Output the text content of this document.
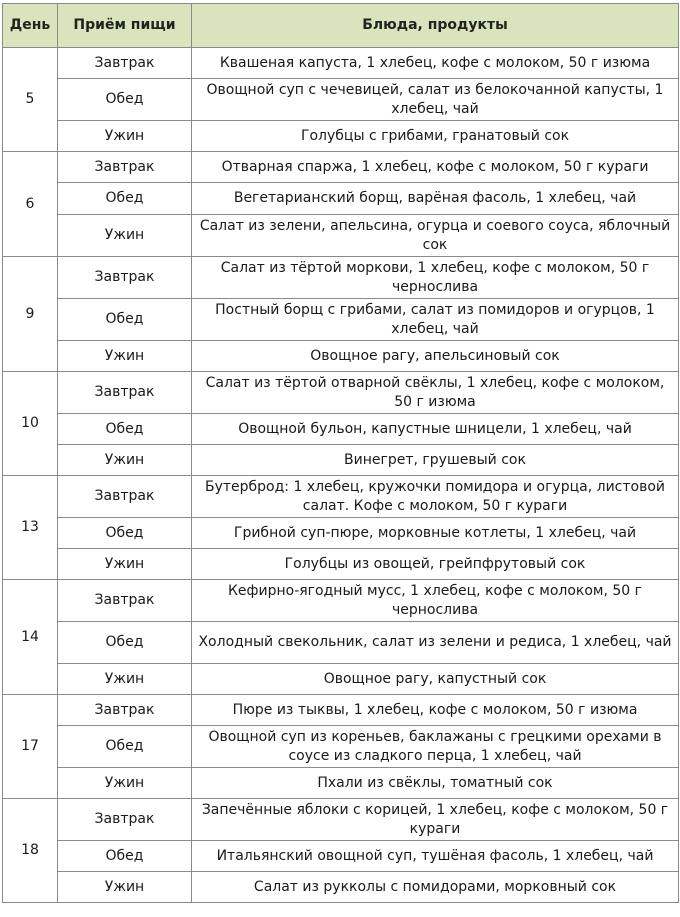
День	Приём пищи	Блюда, продукты
5	Завтрак	Квашеная капуста, 1 хлебец, кофе с молоком, 50 г изюма
	Обед	Овощной суп с чечевицей, салат из белокочанной капусты, 1 хлебец, чай
	Ужин	Голубцы с грибами, гранатовый сок
6	Завтрак	Отварная спаржа, 1 хлебец, кофе с молоком, 50 г кураги
	Обед	Вегетарианский борщ, варёная фасоль, 1 хлебец, чай
	Ужин	Салат из зелени, апельсина, огурца и соевого соуса, яблочный сок
9	Завтрак	Салат из тёртой моркови, 1 хлебец, кофе с молоком, 50 г чернослива
	Обед	Постный борщ с грибами, салат из помидоров и огурцов, 1 хлебец, чай
	Ужин	Овощное рагу, апельсиновый сок
10	Завтрак	Салат из тёртой отварной свёклы, 1 хлебец, кофе с молоком, 50 г изюма
	Обед	Овощной бульон, капустные шницели, 1 хлебец, чай
	Ужин	Винегрет, грушевый сок
13	Завтрак	Бутерброд: 1 хлебец, кружочки помидора и огурца, листовой салат. Кофе с молоком, 50 г кураги
	Обед	Грибной суп-пюре, морковные котлеты, 1 хлебец, чай
	Ужин	Голубцы из овощей, грейпфрутовый сок
14	Завтрак	Кефирно-ягодный мусс, 1 хлебец, кофе с молоком, 50 г чернослива
	Обед	Холодный свекольник, салат из зелени и редиса, 1 хлебец, чай
	Ужин	Овощное рагу, капустный сок
17	Завтрак	Пюре из тыквы, 1 хлебец, кофе с молоком, 50 г изюма
	Обед	Овощной суп из кореньев, баклажаны с грецкими орехами в соусе из сладкого перца, 1 хлебец, чай
	Ужин	Пхали из свёклы, томатный сок
18	Завтрак	Запечённые яблоки с корицей, 1 хлебец, кофе с молоком, 50 г кураги
	Обед	Итальянский овощной суп, тушёная фасоль, 1 хлебец, чай
	Ужин	Салат из рукколы с помидорами, морковный сок
